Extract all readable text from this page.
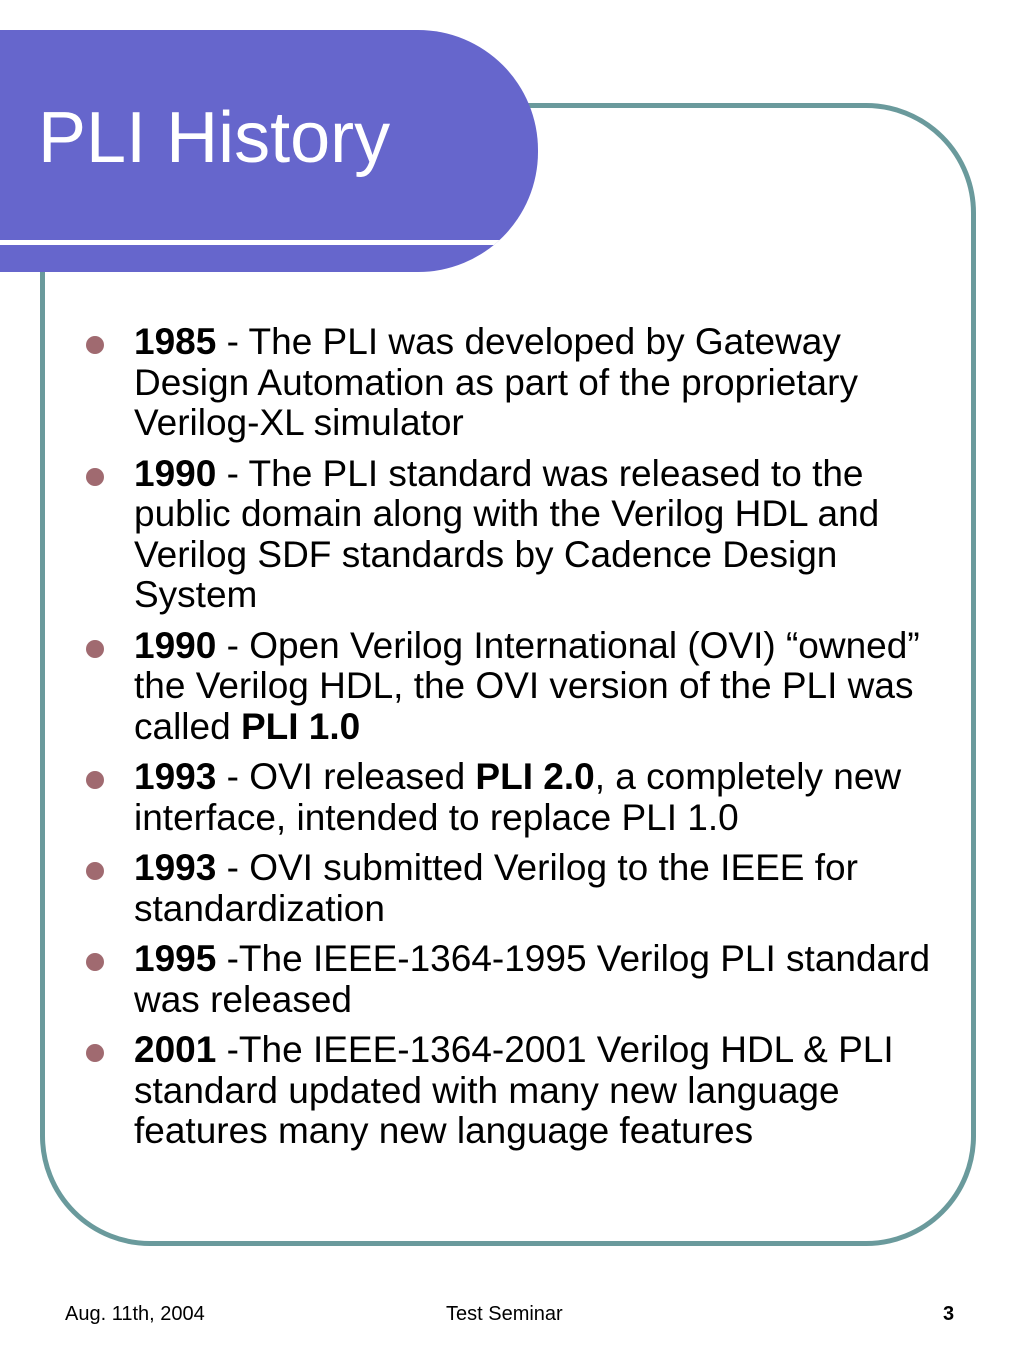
PLI History
1985 - The PLI was developed by Gateway Design Automation as part of the proprietary Verilog-XL simulator
1990 - The PLI standard was released to the public domain along with the Verilog HDL and Verilog SDF standards by Cadence Design System
1990 - Open Verilog International (OVI) “owned” the Verilog HDL, the OVI version of the PLI was called PLI 1.0
1993 - OVI released PLI 2.0, a completely new interface, intended to replace PLI 1.0
1993 - OVI submitted Verilog to the IEEE for standardization
1995 -The IEEE-1364-1995 Verilog PLI standard was released
2001 -The IEEE-1364-2001 Verilog HDL & PLI standard updated with many new language features many new language features
Aug. 11th, 2004	Test Seminar	3
